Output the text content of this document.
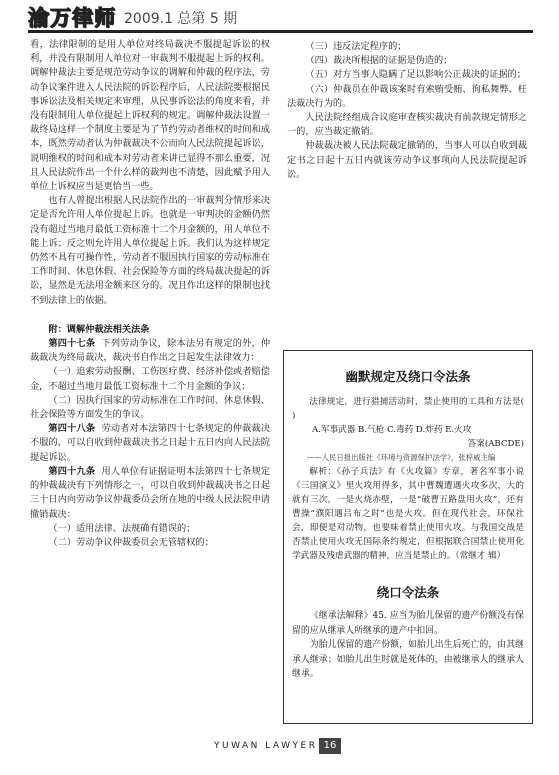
渝万律师 2009.1 总第 5 期

看，法律限制的是用人单位对终局裁决不服提起诉讼的权利，并没有限制用人单位对一审裁判不服提起上诉的权利。调解仲裁法主要是规范劳动争议的调解和仲裁的程序法，劳动争议案件进入人民法院的诉讼程序后，人民法院要根据民事诉讼法及相关规定来审理，从民事诉讼法的角度来看，并没有限制用人单位提起上诉权利的规定。调解仲裁法设置一裁终局这样一个制度主要是为了节约劳动者维权的时间和成本，既然劳动者认为仲裁裁决不公而向人民法院提起诉讼，说明维权的时间和成本对劳动者来讲已显得不那么重要，况且人民法院作出一个什么样的裁判也不清楚，因此赋予用人单位上诉权应当是更恰当一些。

也有人曾提出根据人民法院作出的一审裁判分情形来决定是否允许用人单位提起上诉。也就是一审判决的金额仍然没有超过当地月最低工资标准十二个月金额的，用人单位不能上诉；反之则允许用人单位提起上诉。我们认为这样规定仍然不具有可操作性，劳动者不服因执行国家的劳动标准在工作时间、休息休假、社会保险等方面的终局裁决提起的诉讼，显然是无法用金额来区分的。况且作出这样的限制也找不到法律上的依据。

附：调解仲裁法相关法条

第四十七条 下列劳动争议，除本法另有规定的外，仲裁裁决为终局裁决，裁决书自作出之日起发生法律效力：

（一）追索劳动报酬、工伤医疗费、经济补偿或者赔偿金，不超过当地月最低工资标准十二个月金额的争议；

（二）因执行国家的劳动标准在工作时间、休息休假、社会保险等方面发生的争议。

第四十八条 劳动者对本法第四十七条规定的仲裁裁决不服的，可以自收到仲裁裁决书之日起十五日内向人民法院提起诉讼。

第四十九条 用人单位有证据证明本法第四十七条规定的仲裁裁决有下列情形之一，可以自收到仲裁裁决书之日起三十日内向劳动争议仲裁委员会所在地的中级人民法院申请撤销裁决：

（一）适用法律、法规确有错误的；

（二）劳动争议仲裁委员会无管辖权的；

（三）违反法定程序的；

（四）裁决所根据的证据是伪造的；

（五）对方当事人隐瞒了足以影响公正裁决的证据的；

（六）仲裁员在仲裁该案时有索贿受贿、徇私舞弊、枉法裁决行为的。

人民法院经组成合议庭审查核实裁决有前款规定情形之一的，应当裁定撤销。

仲裁裁决被人民法院裁定撤销的，当事人可以自收到裁定书之日起十五日内就该劳动争议事项向人民法院提起诉讼。

幽默规定及绕口令法条

法律规定，进行猎捕活动时，禁止使用的工具和方法是( )

A.军事武器 B.气枪 C.毒药 D.炸药 E.火攻

答案(ABCDE)

——人民日报出版社《环境与资源保护法学》，张梓威主编

解析：《孙子兵法》有《火攻篇》专章，著名军事小说《三国演义》里火攻用得多，其中曹魏遭遇火攻多次，大的就有三次，一是火烧赤壁，一是“破曹五路盘用火攻”，还有曹操“濮阳遇吕布之时”也是火攻。但在现代社会，环保社会，即便是对动物，也要味着禁止使用火攻。与我国交战是否禁止使用火攻无国际条约规定，但根据联合国禁止使用化学武器及残虐武器的精神，应当是禁止的。（常继才 辑）

绕口令法条

《继承法解释》45. 应当为胎儿保留的遗产份额没有保留的应从继承人所继承的遗产中扣回。

为胎儿保留的遗产份额，如胎儿出生后死亡的，由其继承人继承；如胎儿出生时就是死体的，由被继承人的继承人继承。

YUWAN LAWYER 16
